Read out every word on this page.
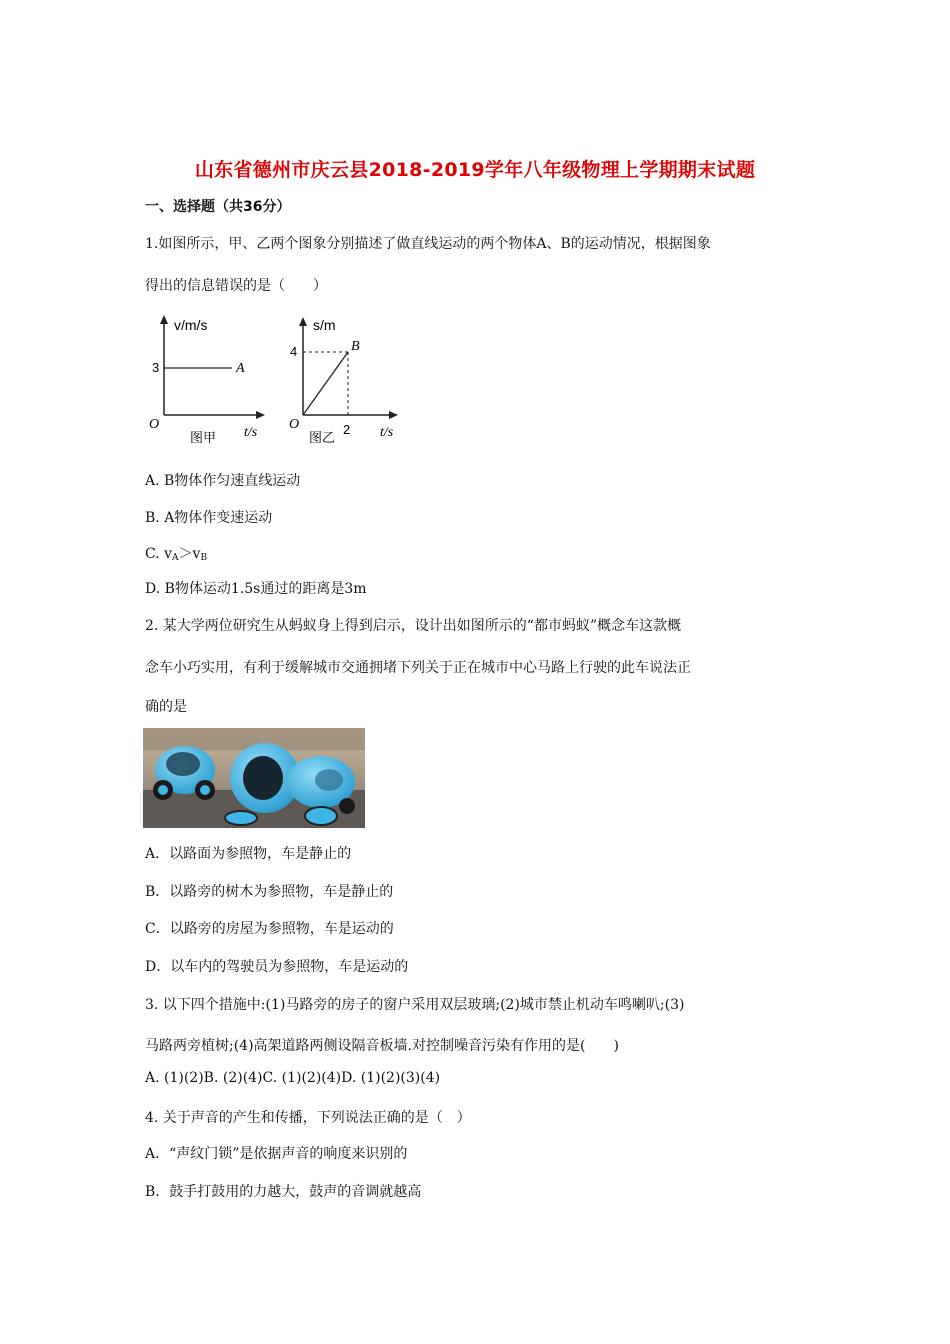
山东省德州市庆云县2018-2019学年八年级物理上学期期末试题
一、选择题（共36分）
1.如图所示，甲、乙两个图象分别描述了做直线运动的两个物体A、B的运动情况，根据图象
得出的信息错误的是（　　）
v/m/s
3	A
O
图甲 t/s
s/m
4	B
O
图乙
2 t/s
A. B物体作匀速直线运动
B. A物体作变速运动
C. $v_A>v_B$
D. B物体运动1.5s通过的距离是3m
2. 某大学两位研究生从蚂蚁身上得到启示，设计出如图所示的“都市蚂蚁”概念车这款概
念车小巧实用，有利于缓解城市交通拥堵下列关于正在城市中心马路上行驶的此车说法正
确的是
A．以路面为参照物，车是静止的
B．以路旁的树木为参照物，车是静止的
C．以路旁的房屋为参照物，车是运动的
D．以车内的驾驶员为参照物，车是运动的
3. 以下四个措施中:(1)马路旁的房子的窗户采用双层玻璃;(2)城市禁止机动车鸣喇叭;(3)
马路两旁植树;(4)高架道路两侧设隔音板墙.对控制噪音污染有作用的是(　　)
A. (1)(2)B. (2)(4)C. (1)(2)(4)D. (1)(2)(3)(4)
4. 关于声音的产生和传播，下列说法正确的是（　）
A．“声纹门锁”是依据声音的响度来识别的
B．鼓手打鼓用的力越大，鼓声的音调就越高
